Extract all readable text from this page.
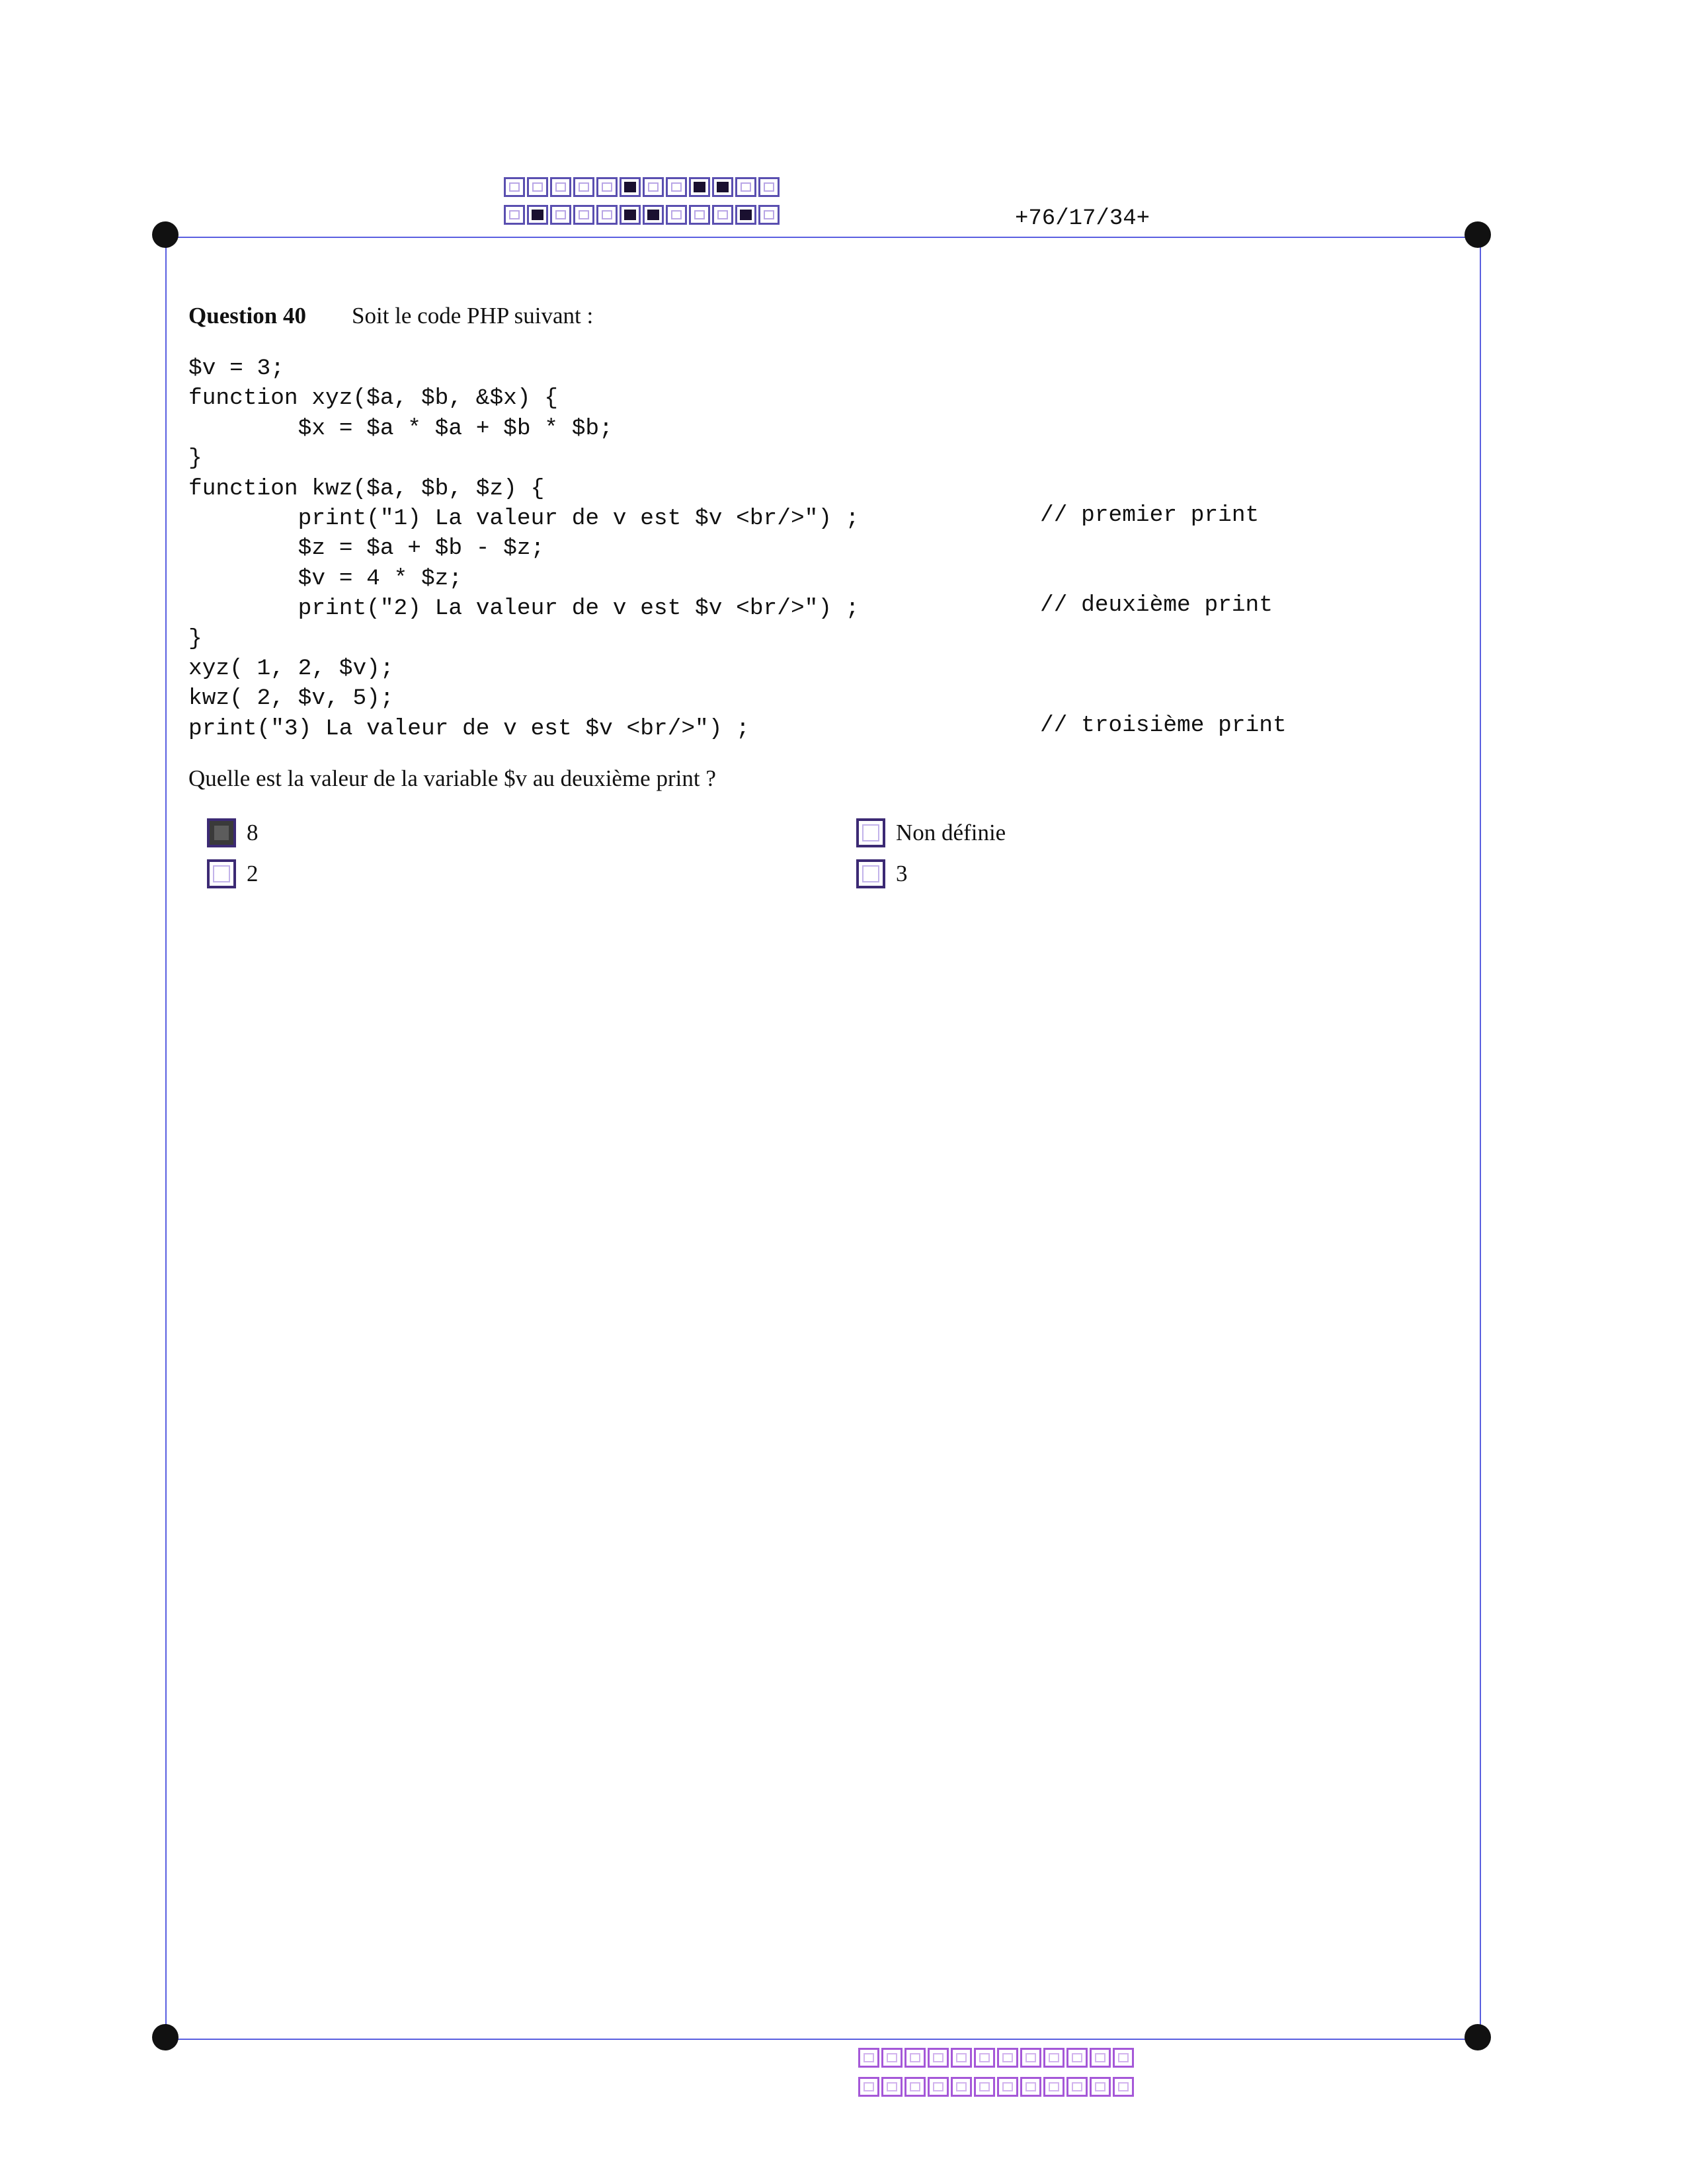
+76/17/34+
Question 40 Soit le code PHP suivant :
$v = 3;
function xyz($a, $b, &$x) {
$x = $a * $a + $b * $b;
}
function kwz($a, $b, $z) {
print("1) La valeur de v est $v <br/>") ;
$z = $a + $b - $z;
$v = 4 * $z;
print("2) La valeur de v est $v <br/>") ;
}
xyz( 1, 2, $v);
kwz( 2, $v, 5);
print("3) La valeur de v est $v <br/>") ;
// premier print
// deuxième print
// troisième print
Quelle est la valeur de la variable $v au deuxième print ?
8	Non définie
2	3
